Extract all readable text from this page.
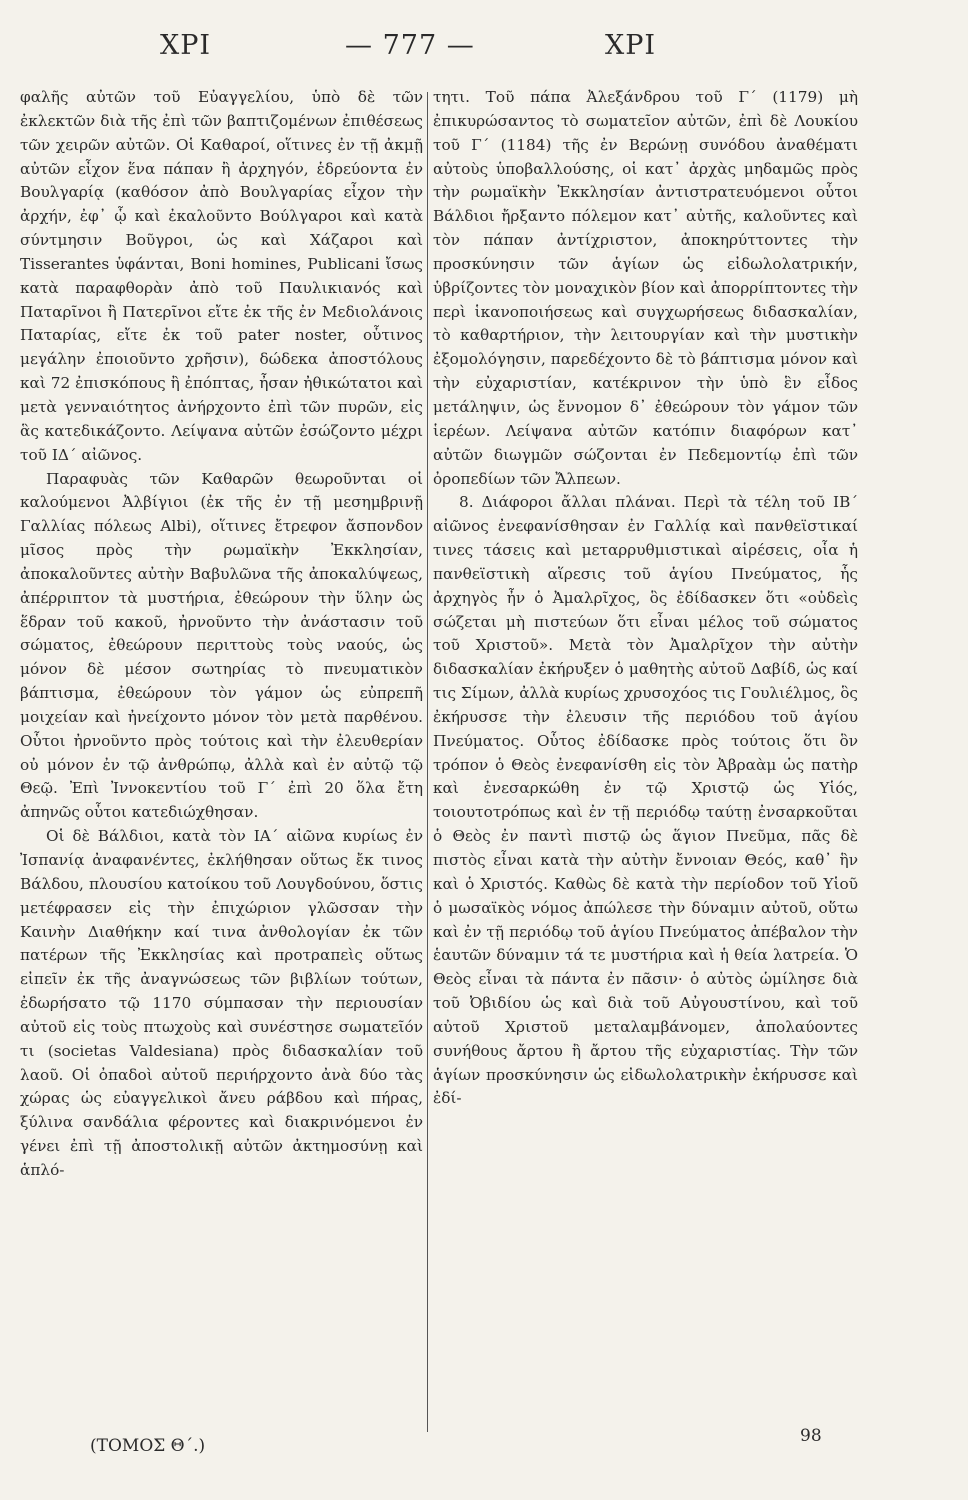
ΧΡΙ	— 777 —	ΧΡΙ

φαλῆς αὐτῶν τοῦ Εὐαγγελίου, ὑπὸ δὲ τῶν ἐκλεκτῶν διὰ τῆς ἐπὶ τῶν βαπτιζομένων ἐπιθέσεως τῶν χειρῶν αὐτῶν. Οἱ Καθαροί, οἵτινες ἐν τῇ ἀκμῇ αὐτῶν εἶχον ἕνα πάπαν ἢ ἀρχηγόν, ἑδρεύοντα ἐν Βουλγαρίᾳ (καθόσον ἀπὸ Βουλγαρίας εἶχον τὴν ἀρχήν, ἐφ᾽ ᾧ καὶ ἐκαλοῦντο Βούλγαροι καὶ κατὰ σύντμησιν Βοῦγροι, ὡς καὶ Χάζαροι καὶ Tisserantes ὑφάνται, Boni homines, Publicani ἴσως κατὰ παραφθορὰν ἀπὸ τοῦ Παυλικιανός καὶ Παταρῖνοι ἢ Πατερῖνοι εἴτε ἐκ τῆς ἐν Μεδιολάνοις Παταρίας, εἴτε ἐκ τοῦ pater noster, οὗτινος μεγάλην ἐποιοῦντο χρῆσιν), δώδεκα ἀποστόλους καὶ 72 ἐπισκόπους ἢ ἐπόπτας, ἦσαν ἠθικώτατοι καὶ μετὰ γενναιότητος ἀνήρχοντο ἐπὶ τῶν πυρῶν, εἰς ἃς κατεδικάζοντο. Λείψανα αὐτῶν ἐσώζοντο μέχρι τοῦ ΙΔ´ αἰῶνος.

Παραφυὰς τῶν Καθαρῶν θεωροῦνται οἱ καλούμενοι Ἀλβίγιοι (ἐκ τῆς ἐν τῇ μεσημβρινῇ Γαλλίας πόλεως Albi), οἵτινες ἔτρεφον ἄσπονδον μῖσος πρὸς τὴν ρωμαϊκὴν Ἐκκλησίαν, ἀποκαλοῦντες αὐτὴν Βαβυλῶνα τῆς ἀποκαλύψεως, ἀπέρριπτον τὰ μυστήρια, ἐθεώρουν τὴν ὕλην ὡς ἕδραν τοῦ κακοῦ, ἠρνοῦντο τὴν ἀνάστασιν τοῦ σώματος, ἐθεώρουν περιττοὺς τοὺς ναούς, ὡς μόνον δὲ μέσον σωτηρίας τὸ πνευματικὸν βάπτισμα, ἐθεώρουν τὸν γάμον ὡς εὐπρεπῆ μοιχείαν καὶ ἠνείχοντο μόνον τὸν μετὰ παρθένου. Οὗτοι ἠρνοῦντο πρὸς τούτοις καὶ τὴν ἐλευθερίαν οὐ μόνον ἐν τῷ ἀνθρώπῳ, ἀλλὰ καὶ ἐν αὐτῷ τῷ Θεῷ. Ἐπὶ Ἰννοκεντίου τοῦ Γ´ ἐπὶ 20 ὅλα ἔτη ἀπηνῶς οὗτοι κατεδιώχθησαν.

Οἱ δὲ Βάλδιοι, κατὰ τὸν ΙΑ´ αἰῶνα κυρίως ἐν Ἰσπανίᾳ ἀναφανέντες, ἐκλήθησαν οὕτως ἔκ τινος Βάλδου, πλουσίου κατοίκου τοῦ Λουγδούνου, ὅστις μετέφρασεν εἰς τὴν ἐπιχώριον γλῶσσαν τὴν Καινὴν Διαθήκην καί τινα ἀνθολογίαν ἐκ τῶν πατέρων τῆς Ἐκκλησίας καὶ προτραπεὶς οὕτως εἰπεῖν ἐκ τῆς ἀναγνώσεως τῶν βιβλίων τούτων, ἐδωρήσατο τῷ 1170 σύμπασαν τὴν περιουσίαν αὐτοῦ εἰς τοὺς πτωχοὺς καὶ συνέστησε σωματεῖόν τι (societas Valdesiana) πρὸς διδασκαλίαν τοῦ λαοῦ. Οἱ ὀπαδοὶ αὐτοῦ περιήρχοντο ἀνὰ δύο τὰς χώρας ὡς εὐαγγελικοὶ ἄνευ ράβδου καὶ πήρας, ξύλινα σανδάλια φέροντες καὶ διακρινόμενοι ἐν γένει ἐπὶ τῇ ἀποστολικῇ αὐτῶν ἀκτημοσύνῃ καὶ ἁπλό-

τητι. Τοῦ πάπα Ἀλεξάνδρου τοῦ Γ´ (1179) μὴ ἐπικυρώσαντος τὸ σωματεῖον αὐτῶν, ἐπὶ δὲ Λουκίου τοῦ Γ´ (1184) τῆς ἐν Βερώνῃ συνόδου ἀναθέματι αὐτοὺς ὑποβαλλούσης, οἱ κατ᾽ ἀρχὰς μηδαμῶς πρὸς τὴν ρωμαϊκὴν Ἐκκλησίαν ἀντιστρατευόμενοι οὗτοι Βάλδιοι ἤρξαντο πόλεμον κατ᾽ αὐτῆς, καλοῦντες καὶ τὸν πάπαν ἀντίχριστον, ἀποκηρύττοντες τὴν προσκύνησιν τῶν ἁγίων ὡς εἰδωλολατρικήν, ὑβρίζοντες τὸν μοναχικὸν βίον καὶ ἀπορρίπτοντες τὴν περὶ ἱκανοποιήσεως καὶ συγχωρήσεως διδασκαλίαν, τὸ καθαρτήριον, τὴν λειτουργίαν καὶ τὴν μυστικὴν ἐξομολόγησιν, παρεδέχοντο δὲ τὸ βάπτισμα μόνον καὶ τὴν εὐχαριστίαν, κατέκρινον τὴν ὑπὸ ἓν εἶδος μετάληψιν, ὡς ἔννομον δ᾽ ἐθεώρουν τὸν γάμον τῶν ἱερέων. Λείψανα αὐτῶν κατόπιν διαφόρων κατ᾽ αὐτῶν διωγμῶν σώζονται ἐν Πεδεμοντίῳ ἐπὶ τῶν ὀροπεδίων τῶν Ἄλπεων.

8. Διάφοροι ἄλλαι πλάναι. Περὶ τὰ τέλη τοῦ ΙΒ´ αἰῶνος ἐνεφανίσθησαν ἐν Γαλλίᾳ καὶ πανθεϊστικαί τινες τάσεις καὶ μεταρρυθμιστικαὶ αἱρέσεις, οἷα ἡ πανθεϊστικὴ αἵρεσις τοῦ ἁγίου Πνεύματος, ἧς ἀρχηγὸς ἦν ὁ Ἀμαλρῖχος, ὃς ἐδίδασκεν ὅτι «οὐδεὶς σώζεται μὴ πιστεύων ὅτι εἶναι μέλος τοῦ σώματος τοῦ Χριστοῦ». Μετὰ τὸν Ἀμαλρῖχον τὴν αὐτὴν διδασκαλίαν ἐκήρυξεν ὁ μαθητὴς αὐτοῦ Δαβίδ, ὡς καί τις Σίμων, ἀλλὰ κυρίως χρυσοχόος τις Γουλιέλμος, ὃς ἐκήρυσσε τὴν ἐλευσιν τῆς περιόδου τοῦ ἁγίου Πνεύματος. Οὗτος ἐδίδασκε πρὸς τούτοις ὅτι ὃν τρόπον ὁ Θεὸς ἐνεφανίσθη εἰς τὸν Ἀβραὰμ ὡς πατὴρ καὶ ἐνεσαρκώθη ἐν τῷ Χριστῷ ὡς Υἱός, τοιουτοτρόπως καὶ ἐν τῇ περιόδῳ ταύτῃ ἐνσαρκοῦται ὁ Θεὸς ἐν παντὶ πιστῷ ὡς ἅγιον Πνεῦμα, πᾶς δὲ πιστὸς εἶναι κατὰ τὴν αὐτὴν ἔννοιαν Θεός, καθ᾽ ἣν καὶ ὁ Χριστός. Καθὼς δὲ κατὰ τὴν περίοδον τοῦ Υἱοῦ ὁ μωσαϊκὸς νόμος ἀπώλεσε τὴν δύναμιν αὐτοῦ, οὕτω καὶ ἐν τῇ περιόδῳ τοῦ ἁγίου Πνεύματος ἀπέβαλον τὴν ἑαυτῶν δύναμιν τά τε μυστήρια καὶ ἡ θεία λατρεία. Ὁ Θεὸς εἶναι τὰ πάντα ἐν πᾶσιν· ὁ αὐτὸς ὡμίλησε διὰ τοῦ Ὀβιδίου ὡς καὶ διὰ τοῦ Αὐγουστίνου, καὶ τοῦ αὐτοῦ Χριστοῦ μεταλαμβάνομεν, ἀπολαύοντες συνήθους ἄρτου ἢ ἄρτου τῆς εὐχαριστίας. Τὴν τῶν ἁγίων προσκύνησιν ὡς εἰδωλολατρικὴν ἐκήρυσσε καὶ ἐδί-

(ΤΟΜΟΣ Θ´.)	98
